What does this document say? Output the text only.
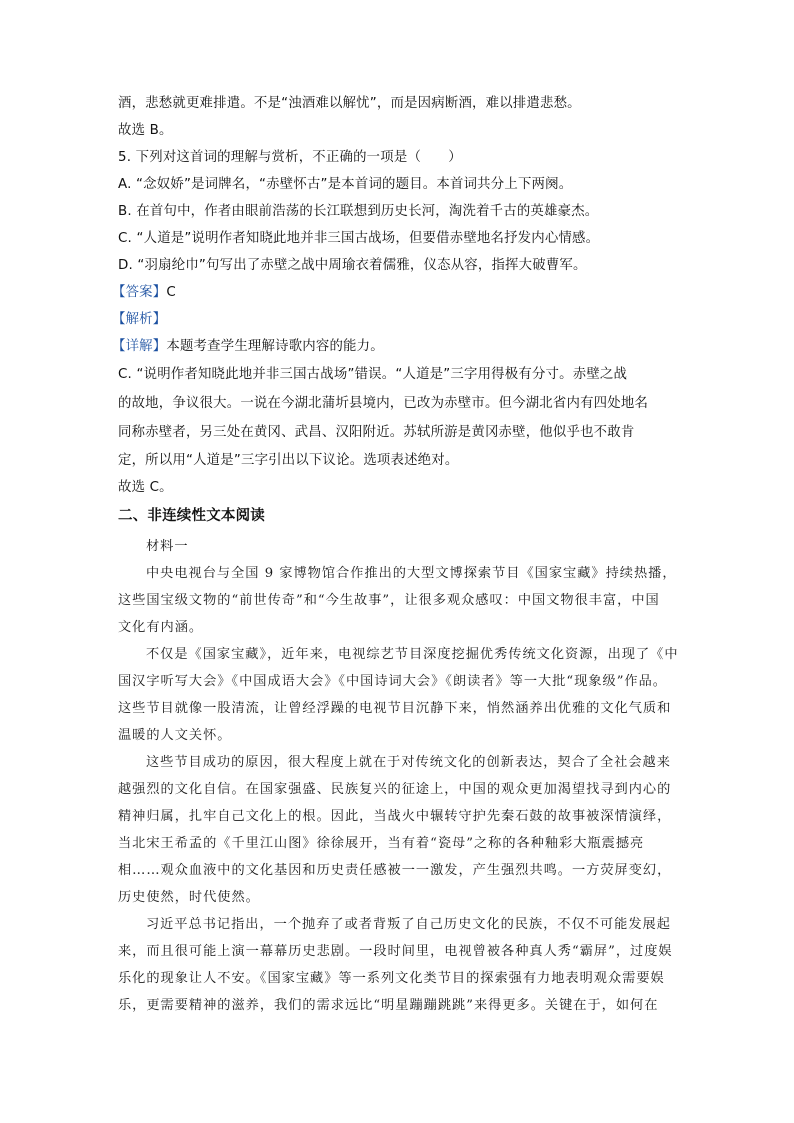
酒，悲愁就更难排遣。不是“浊酒难以解忧”，而是因病断酒，难以排遣悲愁。
故选 B。
5. 下列对这首词的理解与赏析，不正确的一项是（　　）
A. “念奴娇”是词牌名，“赤壁怀古”是本首词的题目。本首词共分上下两阕。
B. 在首句中，作者由眼前浩荡的长江联想到历史长河，淘洗着千古的英雄豪杰。
C. “人道是”说明作者知晓此地并非三国古战场，但要借赤壁地名抒发内心情感。
D. “羽扇纶巾”句写出了赤壁之战中周瑜衣着儒雅，仪态从容，指挥大破曹军。
【答案】C
【解析】
【详解】本题考查学生理解诗歌内容的能力。
C. “说明作者知晓此地并非三国古战场”错误。“人道是”三字用得极有分寸。赤壁之战
的故地，争议很大。一说在今湖北蒲圻县境内，已改为赤壁市。但今湖北省内有四处地名
同称赤壁者，另三处在黄冈、武昌、汉阳附近。苏轼所游是黄冈赤壁，他似乎也不敢肯
定，所以用“人道是”三字引出以下议论。选项表述绝对。
故选 C。
二、非连续性文本阅读
材料一
中央电视台与全国 9 家博物馆合作推出的大型文博探索节目《国家宝藏》持续热播，
这些国宝级文物的“前世传奇”和“今生故事”，让很多观众感叹：中国文物很丰富，中国
文化有内涵。
不仅是《国家宝藏》，近年来，电视综艺节目深度挖掘优秀传统文化资源，出现了《中
国汉字听写大会》《中国成语大会》《中国诗词大会》《朗读者》等一大批“现象级”作品。
这些节目就像一股清流，让曾经浮躁的电视节目沉静下来，悄然涵养出优雅的文化气质和
温暖的人文关怀。
这些节目成功的原因，很大程度上就在于对传统文化的创新表达，契合了全社会越来
越强烈的文化自信。在国家强盛、民族复兴的征途上，中国的观众更加渴望找寻到内心的
精神归属，扎牢自己文化上的根。因此，当战火中辗转守护先秦石鼓的故事被深情演绎，
当北宋王希孟的《千里江山图》徐徐展开，当有着“瓷母”之称的各种釉彩大瓶震撼亮
相……观众血液中的文化基因和历史责任感被一一激发，产生强烈共鸣。一方荧屏变幻，
历史使然，时代使然。
习近平总书记指出，一个抛弃了或者背叛了自己历史文化的民族，不仅不可能发展起
来，而且很可能上演一幕幕历史悲剧。一段时间里，电视曾被各种真人秀“霸屏”，过度娱
乐化的现象让人不安。《国家宝藏》等一系列文化类节目的探索强有力地表明观众需要娱
乐，更需要精神的滋养，我们的需求远比“明星蹦蹦跳跳”来得更多。关键在于，如何在
